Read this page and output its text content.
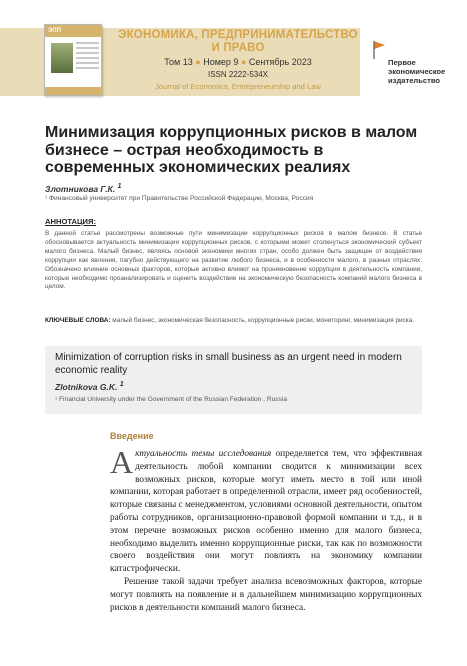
ЭПП	ЭКОНОМИКА, ПРЕДПРИНИМАТЕЛЬСТВО И ПРАВО
Том 13 ● Номер 9 ● Сентябрь 2023
ISSN 2222-534X
Journal of Economics, Entrepreneurship and Law
Первое экономическое издательство
Минимизация коррупционных рисков в малом бизнесе – острая необходимость в современных экономических реалиях
Злотникова Г.К. $^1$
¹ Финансовый университет при Правительстве Российской Федерации, Москва, Россия
АННОТАЦИЯ:

В данной статье рассмотрены возможные пути минимизации коррупционных рисков в малом бизнесе. В статье обосновывается актуальность минимизации коррупционных рисков, с которыми может столкнуться экономический субъект малого бизнеса. Малый бизнес, являясь основой экономики многих стран, особо должен быть защищен от воздействия коррупции как явления, пагубно действующего на развитие любого бизнеса, и в особенности малого, в разных отраслях. Обозначено влияние основных факторов, которые активно влияют на проникновение коррупции в деятельность компании, которые необходимо проанализировать и оценить воздействие на экономическую безопасность компаний малого бизнеса в целом.

КЛЮЧЕВЫЕ СЛОВА: малый бизнес, экономическая безопасность, коррупционные риски, мониторинг, минимизация риска.

Minimization of corruption risks in small business as an urgent need in modern economic reality
Zlotnikova G.K. $^1$
¹ Financial University under the Government of the Russian Federation , Russia
Введение

Актуальность темы исследования определяется тем, что эффективная деятельность любой компании сводится к минимизации всех возможных рисков, которые могут иметь место в той или иной компании, которая работает в определенной отрасли, имеет ряд особенностей, которые связаны с менеджментом, условиями основной деятельности, опытом работы сотрудников, организационно-правовой формой компании и т.д., и в этом перечне возможных рисков особенно именно для малого бизнеса, необходимо выделить именно коррупционные риски, так как по возможности своего воздействия они могут повлиять на экономику компании катастрофически.

Решение такой задачи требует анализа всевозможных факторов, которые могут повлиять на появление и в дальнейшем минимизацию коррупционных рисков в деятельности компаний малого бизнеса.
